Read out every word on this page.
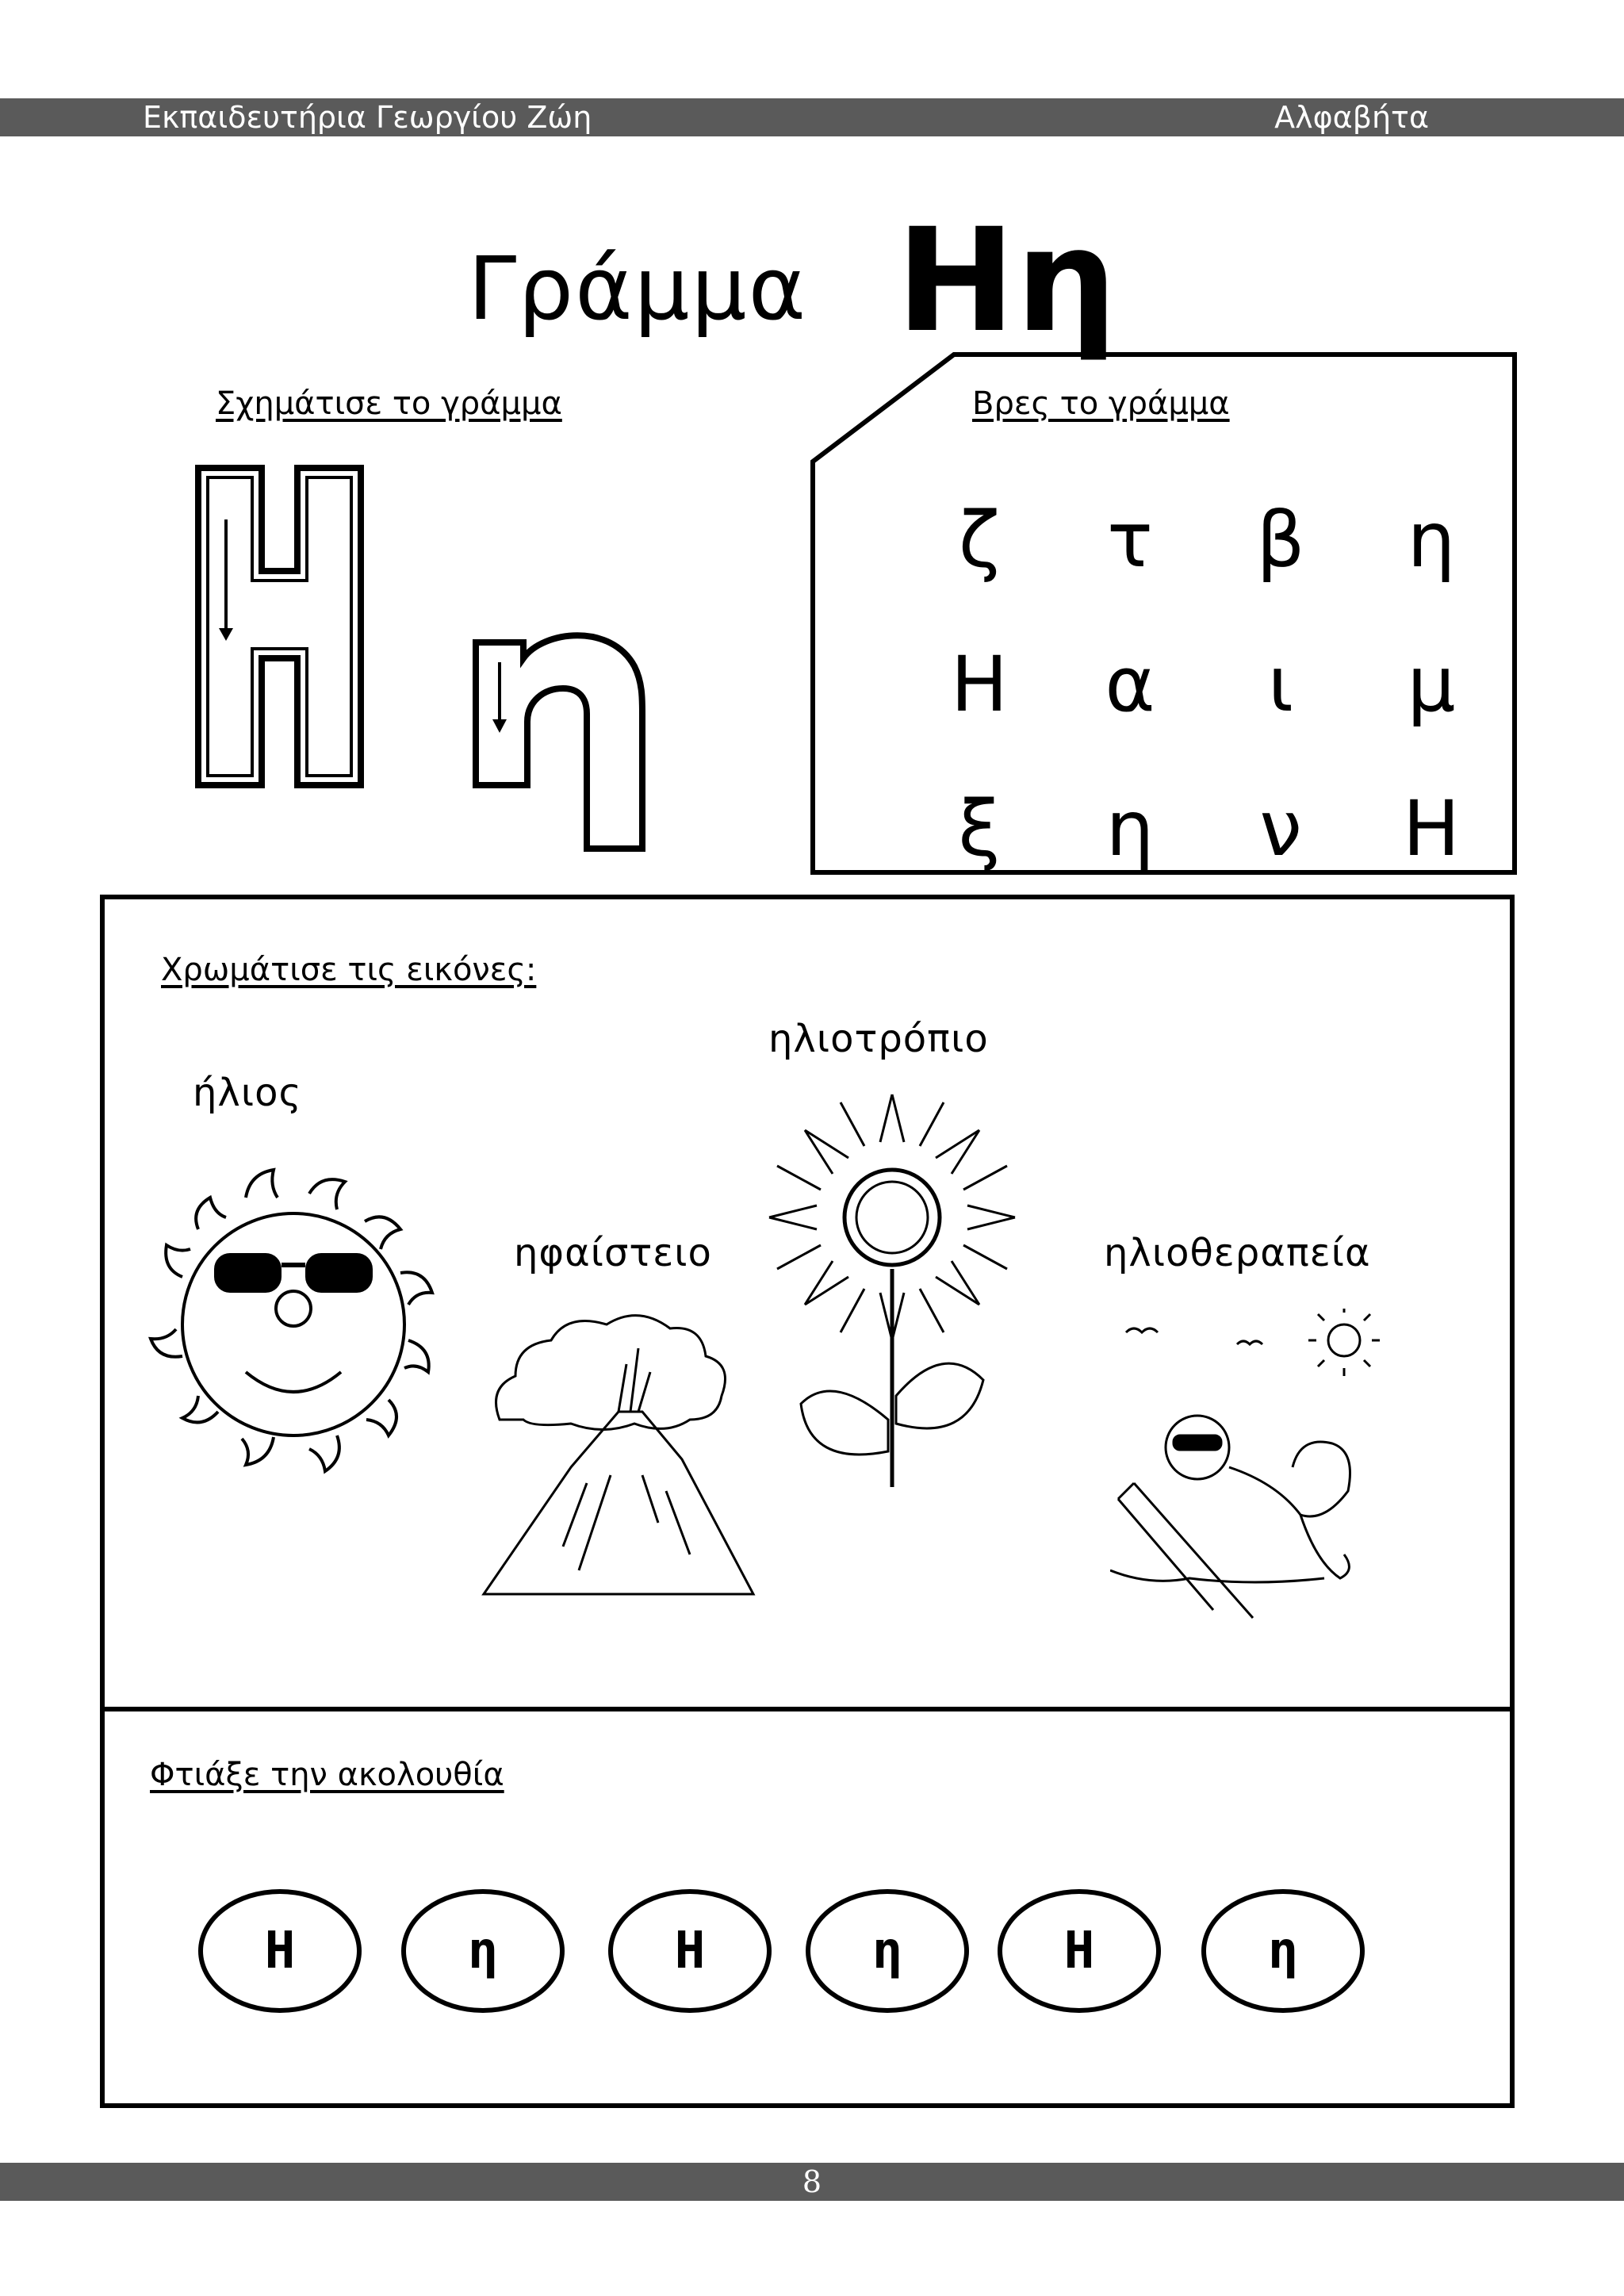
Εκπαιδευτήρια Γεωργίου Ζώη	Αλφαβήτα
Γράμμα Ηη
Σχημάτισε το γράμμα	Βρες το γράμμα
ζ	τ	β	η
Η	α	ι	μ
ξ	η	ν	Η
Χρωμάτισε τις εικόνες:
ήλιος
ηλιοτρόπιο
ηφαίστειο	ηλιοθεραπεία
Φτιάξε την ακολουθία
Η	η	Η	η	Η	η
8
